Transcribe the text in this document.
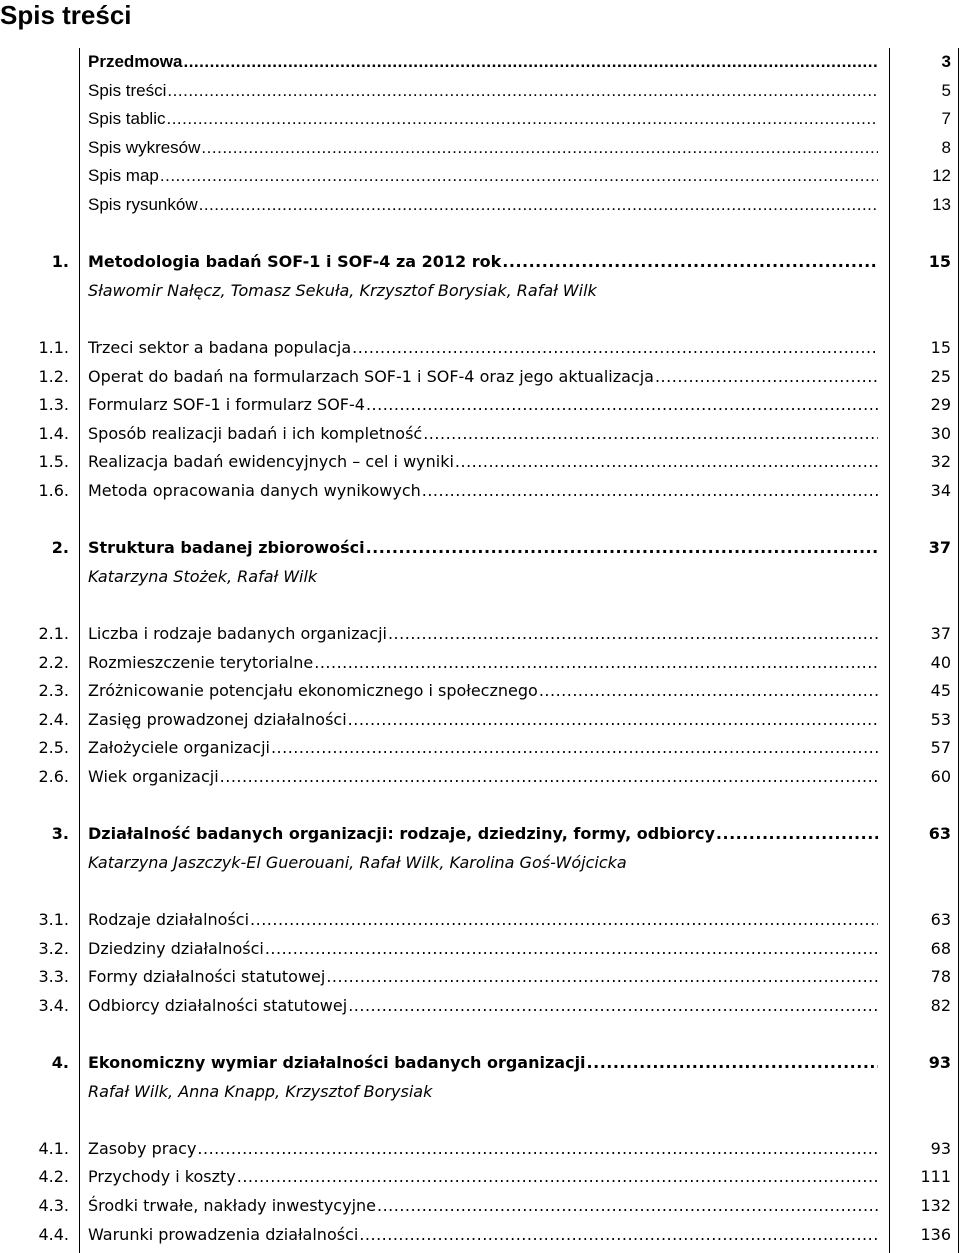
Spis treści
Przedmowa .....	3
Spis treści .....	5
Spis tablic .....	7
Spis wykresów .....	8
Spis map .....	12
Spis rysunków .....	13
1. Metodologia badań SOF-1 i SOF-4 za 2012 rok .....	15
Sławomir Nałęcz, Tomasz Sekuła, Krzysztof Borysiak, Rafał Wilk
1.1. Trzeci sektor a badana populacja .....	15
1.2. Operat do badań na formularzach SOF-1 i SOF-4 oraz jego aktualizacja .....	25
1.3. Formularz SOF-1 i formularz SOF-4 .....	29
1.4. Sposób realizacji badań i ich kompletność .....	30
1.5. Realizacja badań ewidencyjnych – cel i wyniki .....	32
1.6. Metoda opracowania danych wynikowych .....	34
2. Struktura badanej zbiorowości .....	37
Katarzyna Stożek, Rafał Wilk
2.1. Liczba i rodzaje badanych organizacji .....	37
2.2. Rozmieszczenie terytorialne .....	40
2.3. Zróżnicowanie potencjału ekonomicznego i społecznego .....	45
2.4. Zasięg prowadzonej działalności .....	53
2.5. Założyciele organizacji .....	57
2.6. Wiek organizacji .....	60
3. Działalność badanych organizacji: rodzaje, dziedziny, formy, odbiorcy .....	63
Katarzyna Jaszczyk-El Guerouani, Rafał Wilk, Karolina Goś-Wójcicka
3.1. Rodzaje działalności .....	63
3.2. Dziedziny działalności .....	68
3.3. Formy działalności statutowej .....	78
3.4. Odbiorcy działalności statutowej .....	82
4. Ekonomiczny wymiar działalności badanych organizacji .....	93
Rafał Wilk, Anna Knapp, Krzysztof Borysiak
4.1. Zasoby pracy .....	93
4.2. Przychody i koszty .....	111
4.3. Środki trwałe, nakłady inwestycyjne .....	132
4.4. Warunki prowadzenia działalności .....	136
